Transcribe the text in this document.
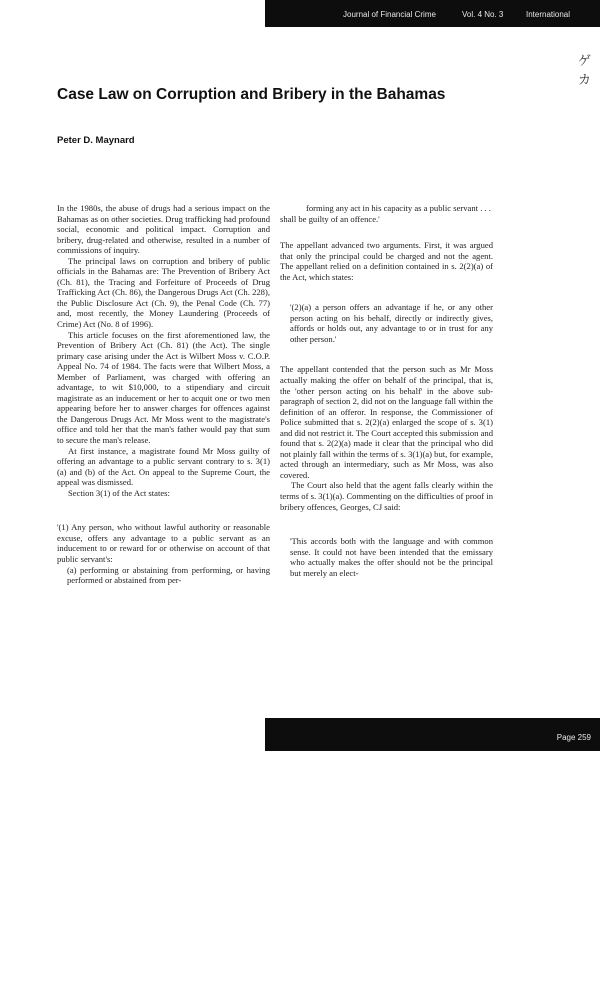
Journal of Financial Crime	Vol. 4 No. 3	International
ゲカ
Case Law on Corruption and Bribery in the Bahamas

Peter D. Maynard

In the 1980s, the abuse of drugs had a serious impact on the Bahamas as on other societies. Drug trafficking had profound social, economic and political impact. Corruption and bribery, drug-related and otherwise, resulted in a number of commissions of inquiry.

The principal laws on corruption and bribery of public officials in the Bahamas are: The Prevention of Bribery Act (Ch. 81), the Tracing and Forfeiture of Proceeds of Drug Trafficking Act (Ch. 86), the Dangerous Drugs Act (Ch. 228), the Public Disclosure Act (Ch. 9), the Penal Code (Ch. 77) and, most recently, the Money Laundering (Proceeds of Crime) Act (No. 8 of 1996).

This article focuses on the first aforementioned law, the Prevention of Bribery Act (Ch. 81) (the Act). The single primary case arising under the Act is Wilbert Moss v. C.O.P. Appeal No. 74 of 1984. The facts were that Wilbert Moss, a Member of Parliament, was charged with offering an advantage, to wit $10,000, to a stipendiary and circuit magistrate as an inducement or her to acquit one or two men appearing before her to answer charges for offences against the Dangerous Drugs Act. Mr Moss went to the magistrate's office and told her that the man's father would pay that sum to secure the man's release.

At first instance, a magistrate found Mr Moss guilty of offering an advantage to a public servant contrary to s. 3(1)(a) and (b) of the Act. On appeal to the Supreme Court, the appeal was dismissed.

Section 3(1) of the Act states:

'(1) Any person, who without lawful authority or reasonable excuse, offers any advantage to a public servant as an inducement to or reward for or otherwise on account of that public servant's:

(a) performing or abstaining from performing, or having performed or abstained from per-

forming any act in his capacity as a public servant . . .

shall be guilty of an offence.'

The appellant advanced two arguments. First, it was argued that only the principal could be charged and not the agent. The appellant relied on a definition contained in s. 2(2)(a) of the Act, which states:

'(2)(a) a person offers an advantage if he, or any other person acting on his behalf, directly or indirectly gives, affords or holds out, any advantage to or in trust for any other person.'

The appellant contended that the person such as Mr Moss actually making the offer on behalf of the principal, that is, the 'other person acting on his behalf' in the above sub-paragraph of section 2, did not on the language fall within the definition of an offeror. In response, the Commissioner of Police submitted that s. 2(2)(a) enlarged the scope of s. 3(1) and did not restrict it. The Court accepted this submission and found that s. 2(2)(a) made it clear that the principal who did not plainly fall within the terms of s. 3(1)(a) but, for example, acted through an intermediary, such as Mr Moss, was also covered.

The Court also held that the agent falls clearly within the terms of s. 3(1)(a). Commenting on the difficulties of proof in bribery offences, Georges, CJ said:

'This accords both with the language and with common sense. It could not have been intended that the emissary who actually makes the offer should not be the principal but merely an elect-

Page 259
